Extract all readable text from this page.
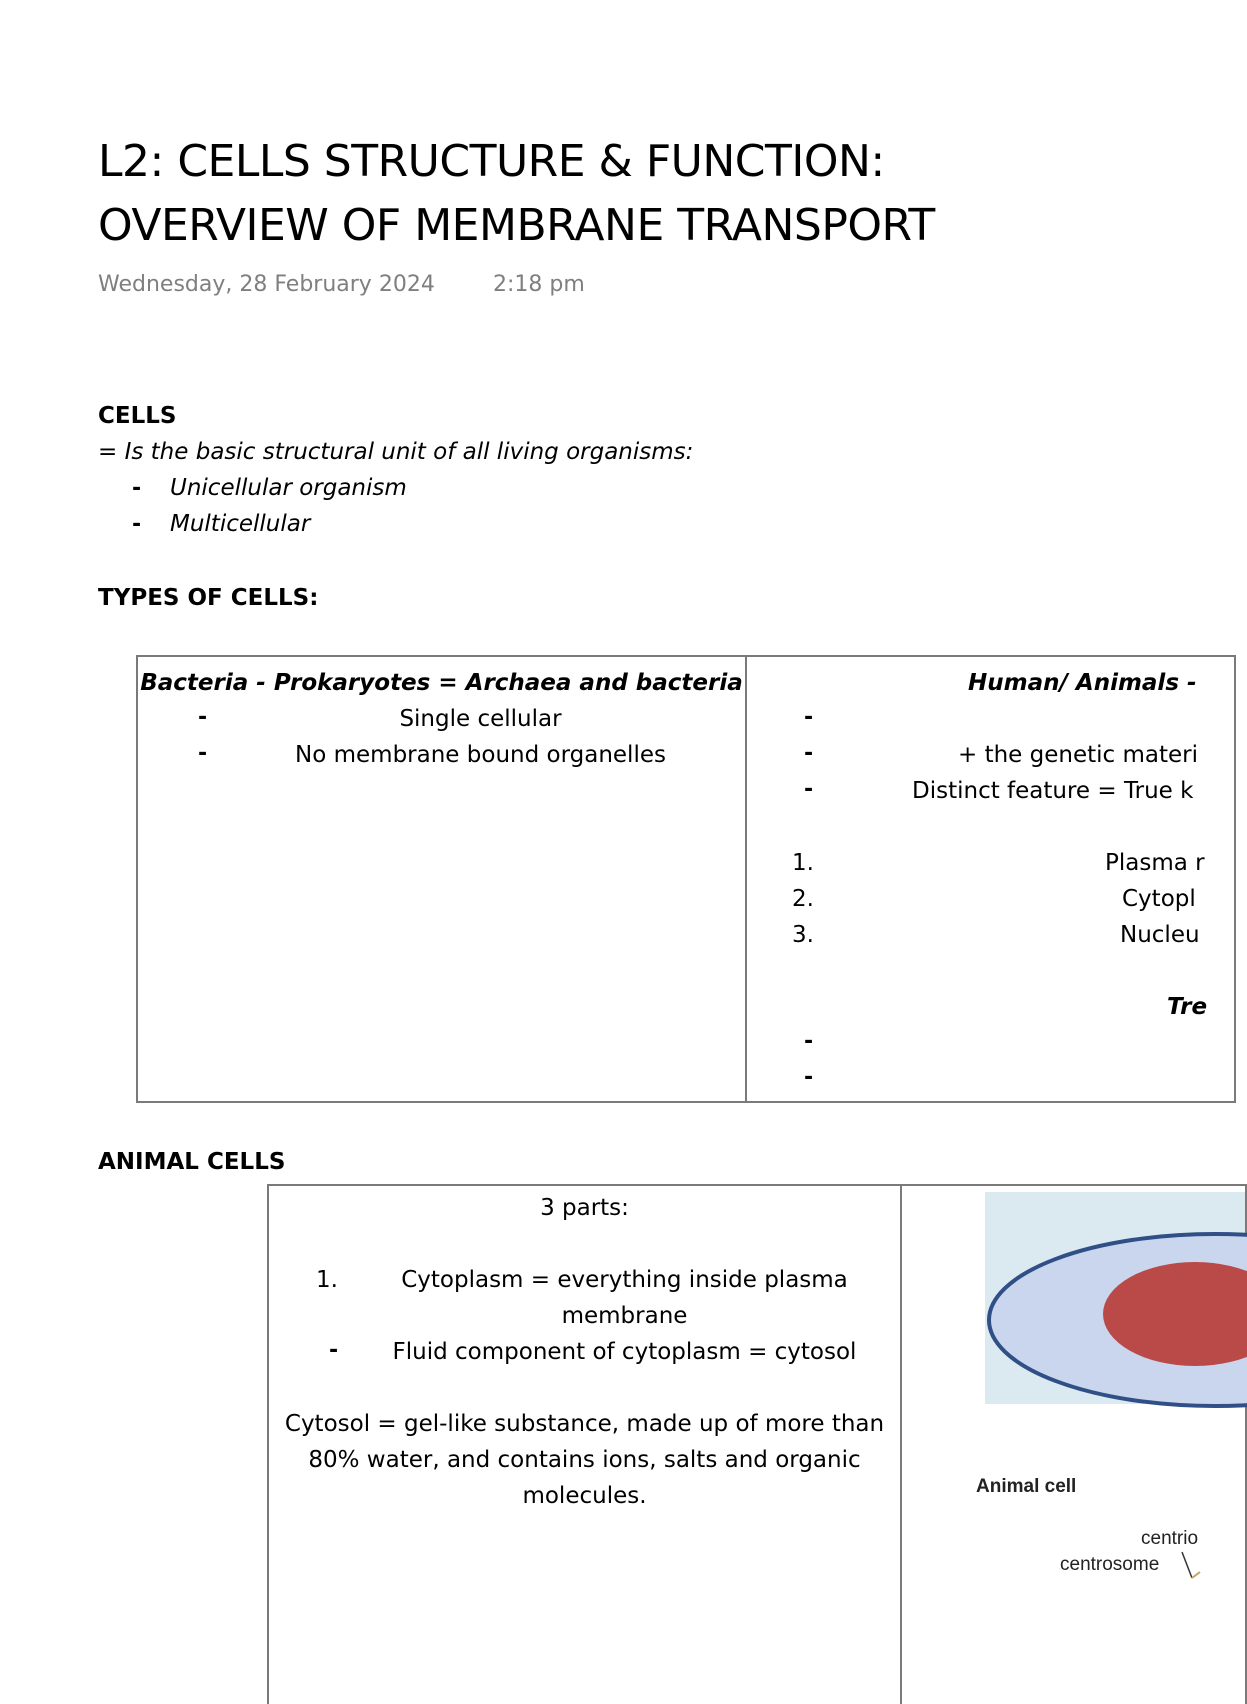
L2: CELLS STRUCTURE & FUNCTION:
OVERVIEW OF MEMBRANE TRANSPORT
Wednesday, 28 February 2024	2:18 pm
CELLS
= Is the basic structural unit of all living organisms:
- Unicellular organism
- Multicellular
TYPES OF CELLS:
Bacteria - Prokaryotes = Archaea and bacteria
-	Single cellular
-	No membrane bound organelles
Human/ Animals -
-
-	+ the genetic materi
-	Distinct feature = True k
1.	Plasma r
2.	Cytopl
3.	Nucleu
Tre
-
-
ANIMAL CELLS
3 parts:
1.	Cytoplasm = everything inside plasma
membrane
-	Fluid component of cytoplasm = cytosol
Cytosol = gel-like substance, made up of more than
80% water, and contains ions, salts and organic
molecules.	Animal cell
centrio
centrosome
